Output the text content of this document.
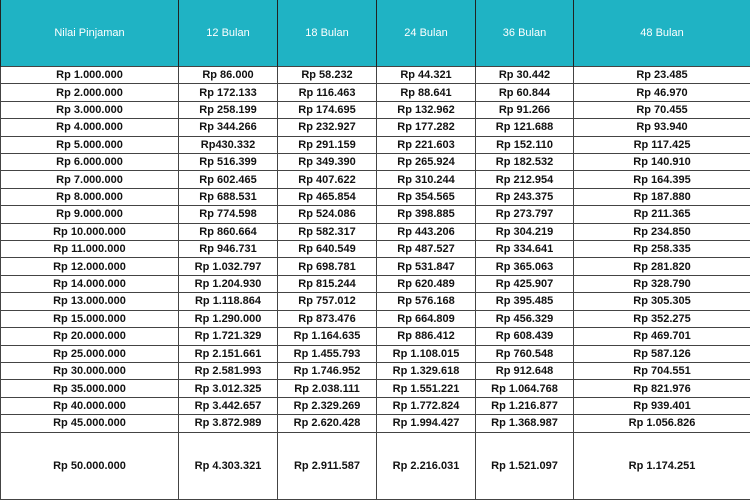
Nilai Pinjaman	12 Bulan	18 Bulan	24 Bulan	36 Bulan	48 Bulan
Rp 1.000.000	Rp 86.000	Rp 58.232	Rp 44.321	Rp 30.442	Rp 23.485
Rp 2.000.000	Rp 172.133	Rp 116.463	Rp 88.641	Rp 60.844	Rp 46.970
Rp 3.000.000	Rp 258.199	Rp 174.695	Rp 132.962	Rp 91.266	Rp 70.455
Rp 4.000.000	Rp 344.266	Rp 232.927	Rp 177.282	Rp 121.688	Rp 93.940
Rp 5.000.000	Rp430.332	Rp 291.159	Rp 221.603	Rp 152.110	Rp 117.425
Rp 6.000.000	Rp 516.399	Rp 349.390	Rp 265.924	Rp 182.532	Rp 140.910
Rp 7.000.000	Rp 602.465	Rp 407.622	Rp 310.244	Rp 212.954	Rp 164.395
Rp 8.000.000	Rp 688.531	Rp 465.854	Rp 354.565	Rp 243.375	Rp 187.880
Rp 9.000.000	Rp 774.598	Rp 524.086	Rp 398.885	Rp 273.797	Rp 211.365
Rp 10.000.000	Rp 860.664	Rp 582.317	Rp 443.206	Rp 304.219	Rp 234.850
Rp 11.000.000	Rp 946.731	Rp 640.549	Rp 487.527	Rp 334.641	Rp 258.335
Rp 12.000.000	Rp 1.032.797	Rp 698.781	Rp 531.847	Rp 365.063	Rp 281.820
Rp 14.000.000	Rp 1.204.930	Rp 815.244	Rp 620.489	Rp 425.907	Rp 328.790
Rp 13.000.000	Rp 1.118.864	Rp 757.012	Rp 576.168	Rp 395.485	Rp 305.305
Rp 15.000.000	Rp 1.290.000	Rp 873.476	Rp 664.809	Rp 456.329	Rp 352.275
Rp 20.000.000	Rp 1.721.329	Rp 1.164.635	Rp 886.412	Rp 608.439	Rp 469.701
Rp 25.000.000	Rp 2.151.661	Rp 1.455.793	Rp 1.108.015	Rp 760.548	Rp 587.126
Rp 30.000.000	Rp 2.581.993	Rp 1.746.952	Rp 1.329.618	Rp 912.648	Rp 704.551
Rp 35.000.000	Rp 3.012.325	Rp 2.038.111	Rp 1.551.221	Rp 1.064.768	Rp 821.976
Rp 40.000.000	Rp 3.442.657	Rp 2.329.269	Rp 1.772.824	Rp 1.216.877	Rp 939.401
Rp 45.000.000	Rp 3.872.989	Rp 2.620.428	Rp 1.994.427	Rp 1.368.987	Rp 1.056.826
Rp 50.000.000	Rp 4.303.321	Rp 2.911.587	Rp 2.216.031	Rp 1.521.097	Rp 1.174.251
